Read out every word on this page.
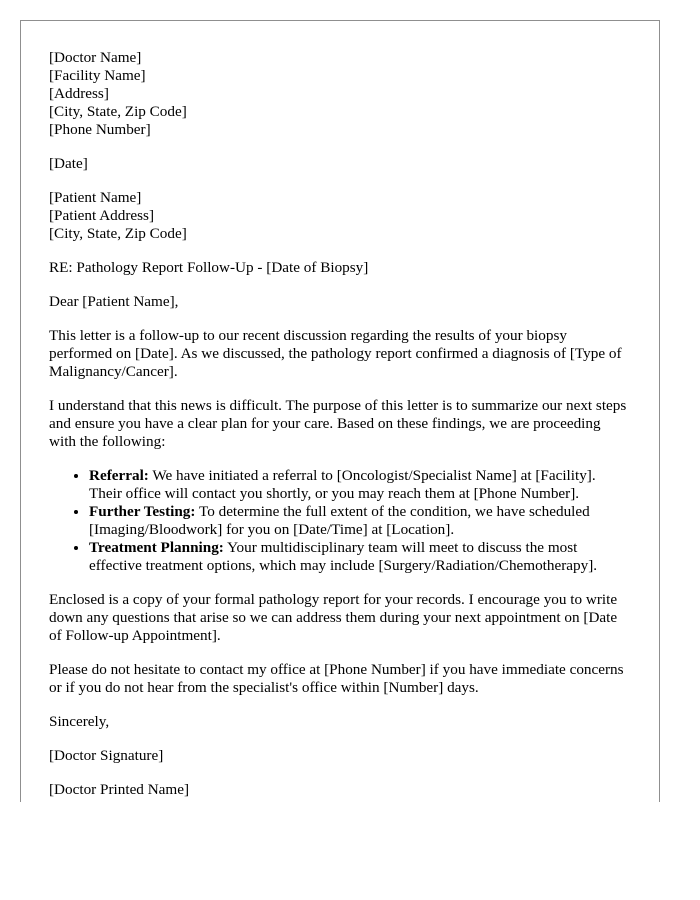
[Doctor Name]
[Facility Name]
[Address]
[City, State, Zip Code]
[Phone Number]

[Date]

[Patient Name]
[Patient Address]
[City, State, Zip Code]

RE: Pathology Report Follow-Up - [Date of Biopsy]

Dear [Patient Name],

This letter is a follow-up to our recent discussion regarding the results of your biopsy performed on [Date]. As we discussed, the pathology report confirmed a diagnosis of [Type of Malignancy/Cancer].

I understand that this news is difficult. The purpose of this letter is to summarize our next steps and ensure you have a clear plan for your care. Based on these findings, we are proceeding with the following:

• Referral: We have initiated a referral to [Oncologist/Specialist Name] at [Facility]. Their office will contact you shortly, or you may reach them at [Phone Number].
• Further Testing: To determine the full extent of the condition, we have scheduled [Imaging/Bloodwork] for you on [Date/Time] at [Location].
• Treatment Planning: Your multidisciplinary team will meet to discuss the most effective treatment options, which may include [Surgery/Radiation/Chemotherapy].

Enclosed is a copy of your formal pathology report for your records. I encourage you to write down any questions that arise so we can address them during your next appointment on [Date of Follow-up Appointment].

Please do not hesitate to contact my office at [Phone Number] if you have immediate concerns or if you do not hear from the specialist's office within [Number] days.

Sincerely,

[Doctor Signature]

[Doctor Printed Name]
